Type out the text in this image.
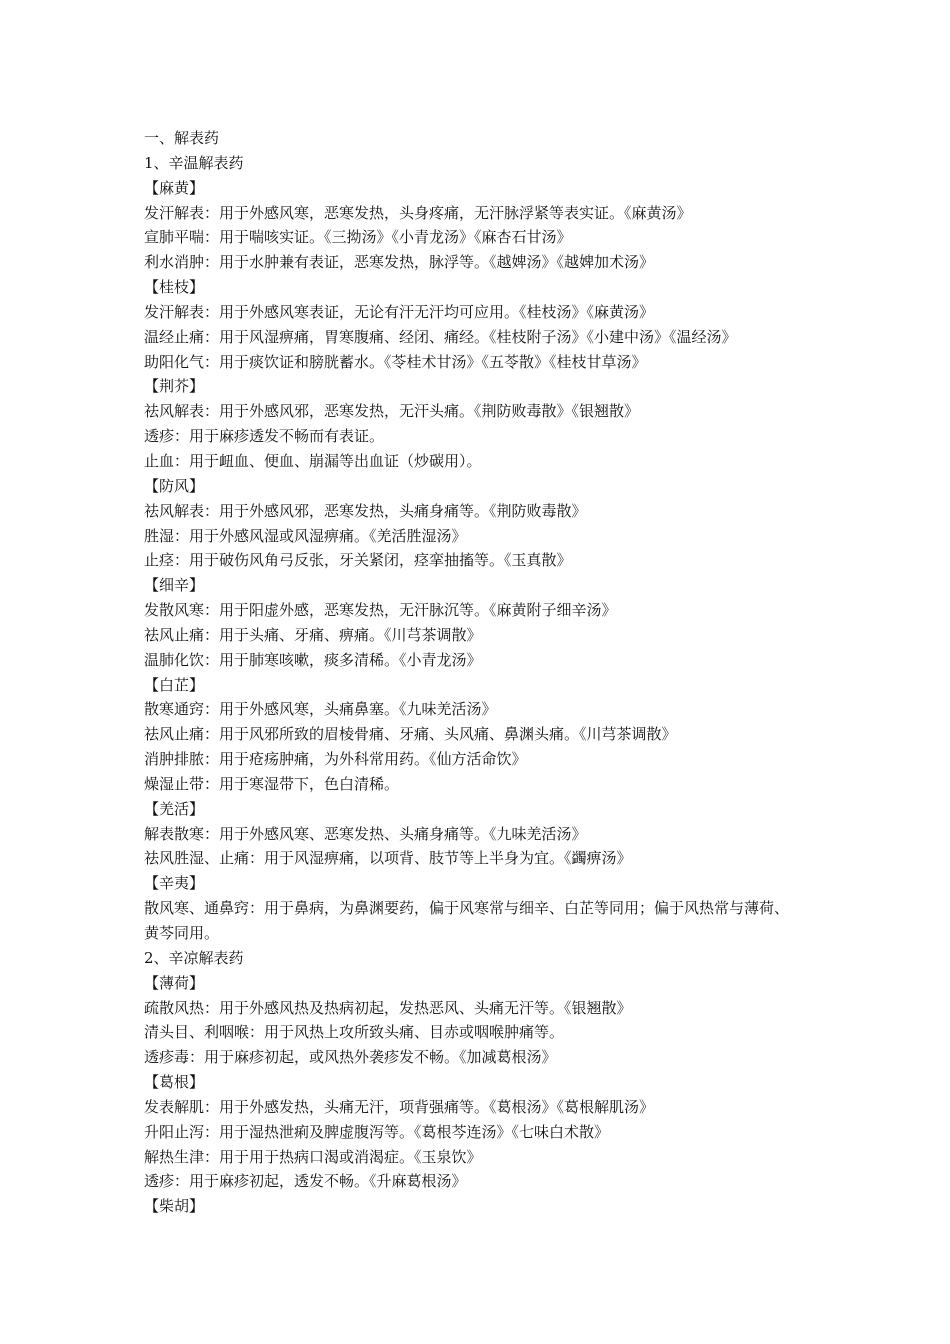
一、解表药
1、辛温解表药
【麻黄】
发汗解表：用于外感风寒，恶寒发热，头身疼痛，无汗脉浮紧等表实证。《麻黄汤》
宣肺平喘：用于喘咳实证。《三拗汤》《小青龙汤》《麻杏石甘汤》
利水消肿：用于水肿兼有表证，恶寒发热，脉浮等。《越婢汤》《越婢加术汤》
【桂枝】
发汗解表：用于外感风寒表证，无论有汗无汗均可应用。《桂枝汤》《麻黄汤》
温经止痛：用于风湿痹痛，胃寒腹痛、经闭、痛经。《桂枝附子汤》《小建中汤》《温经汤》
助阳化气：用于痰饮证和膀胱蓄水。《苓桂术甘汤》《五苓散》《桂枝甘草汤》
【荆芥】
祛风解表：用于外感风邪，恶寒发热，无汗头痛。《荆防败毒散》《银翘散》
透疹：用于麻疹透发不畅而有表证。
止血：用于衄血、便血、崩漏等出血证（炒碳用）。
【防风】
祛风解表：用于外感风邪，恶寒发热，头痛身痛等。《荆防败毒散》
胜湿：用于外感风湿或风湿痹痛。《羌活胜湿汤》
止痉：用于破伤风角弓反张，牙关紧闭，痉挛抽搐等。《玉真散》
【细辛】
发散风寒：用于阳虚外感，恶寒发热，无汗脉沉等。《麻黄附子细辛汤》
祛风止痛：用于头痛、牙痛、痹痛。《川芎茶调散》
温肺化饮：用于肺寒咳嗽，痰多清稀。《小青龙汤》
【白芷】
散寒通窍：用于外感风寒，头痛鼻塞。《九味羌活汤》
祛风止痛：用于风邪所致的眉棱骨痛、牙痛、头风痛、鼻渊头痛。《川芎茶调散》
消肿排脓：用于疮疡肿痛，为外科常用药。《仙方活命饮》
燥湿止带：用于寒湿带下，色白清稀。
【羌活】
解表散寒：用于外感风寒、恶寒发热、头痛身痛等。《九味羌活汤》
祛风胜湿、止痛：用于风湿痹痛，以项背、肢节等上半身为宜。《蠲痹汤》
【辛夷】
散风寒、通鼻窍：用于鼻病，为鼻渊要药，偏于风寒常与细辛、白芷等同用；偏于风热常与薄荷、
黄芩同用。
2、辛凉解表药
【薄荷】
疏散风热：用于外感风热及热病初起，发热恶风、头痛无汗等。《银翘散》
清头目、利咽喉：用于风热上攻所致头痛、目赤或咽喉肿痛等。
透疹毒：用于麻疹初起，或风热外袭疹发不畅。《加减葛根汤》
【葛根】
发表解肌：用于外感发热，头痛无汗，项背强痛等。《葛根汤》《葛根解肌汤》
升阳止泻：用于湿热泄痢及脾虚腹泻等。《葛根芩连汤》《七味白术散》
解热生津：用于用于热病口渴或消渴症。《玉泉饮》
透疹：用于麻疹初起，透发不畅。《升麻葛根汤》
【柴胡】
